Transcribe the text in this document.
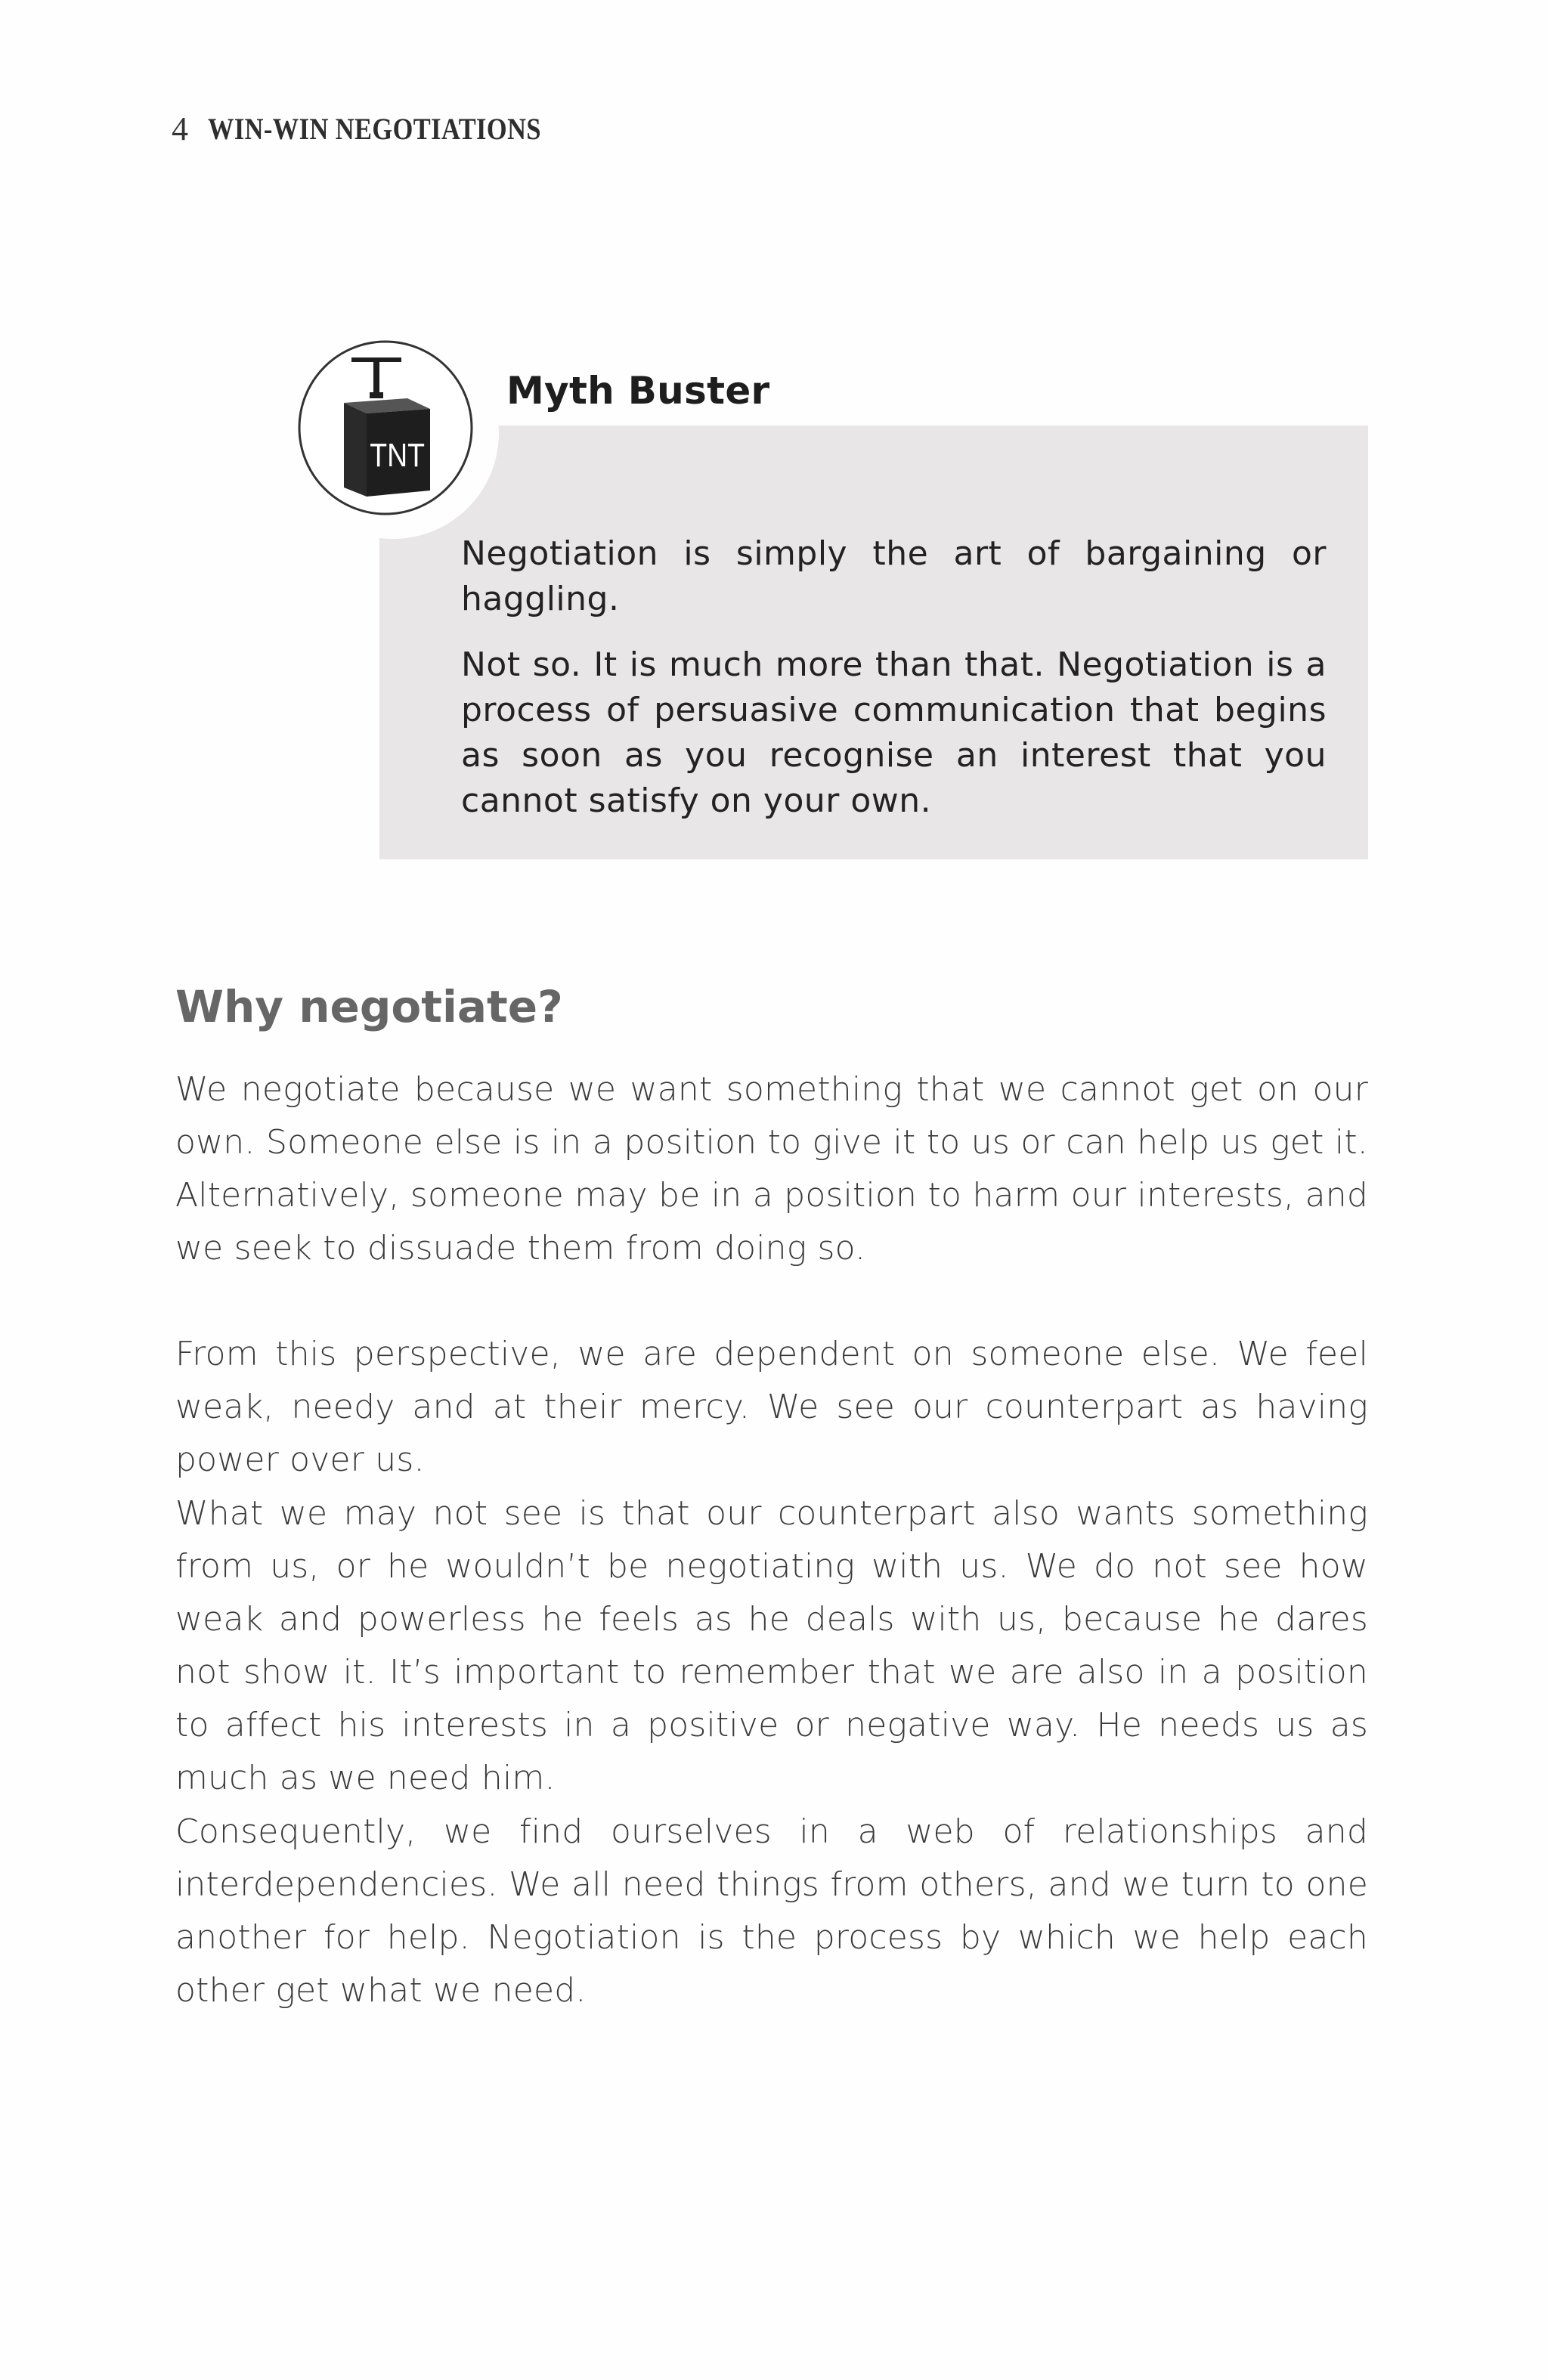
4 WIN-WIN NEGOTIATIONS
TNT
Myth Buster

Negotiation is simply the art of bargaining or haggling.

Not so. It is much more than that. Negotiation is a process of persuasive communication that begins as soon as you recognise an interest that you cannot satisfy on your own.

Why negotiate?

We negotiate because we want something that we cannot get on our own. Someone else is in a position to give it to us or can help us get it. Alternatively, someone may be in a position to harm our interests, and we seek to dissuade them from doing so.

From this perspective, we are dependent on someone else. We feel weak, needy and at their mercy. We see our counterpart as having power over us.

What we may not see is that our counterpart also wants something from us, or he wouldn’t be negotiating with us. We do not see how weak and powerless he feels as he deals with us, because he dares not show it. It’s important to remember that we are also in a position to affect his interests in a positive or negative way. He needs us as much as we need him.

Consequently, we find ourselves in a web of relationships and interdependencies. We all need things from others, and we turn to one another for help. Negotiation is the process by which we help each other get what we need.
